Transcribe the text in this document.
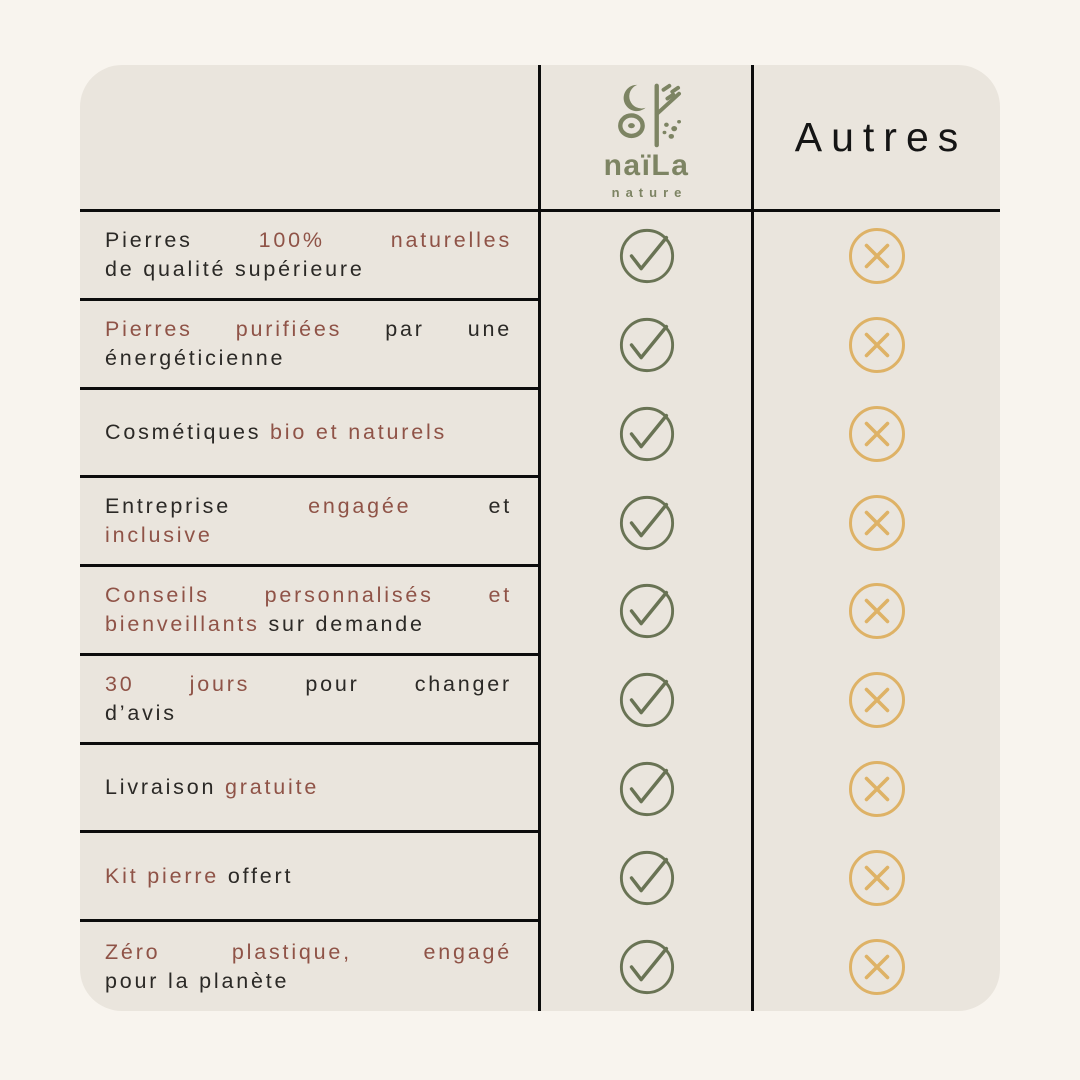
naïLa
nature
Autres
Pierres 100% naturelles
de qualité supérieure
Pierres purifiées par une
énergéticienne
Cosmétiques bio et naturels
Entreprise engagée et
inclusive
Conseils personnalisés et
bienveillants sur demande
30 jours pour changer
d’avis
Livraison gratuite
Kit pierre offert
Zéro plastique, engagé
pour la planète
